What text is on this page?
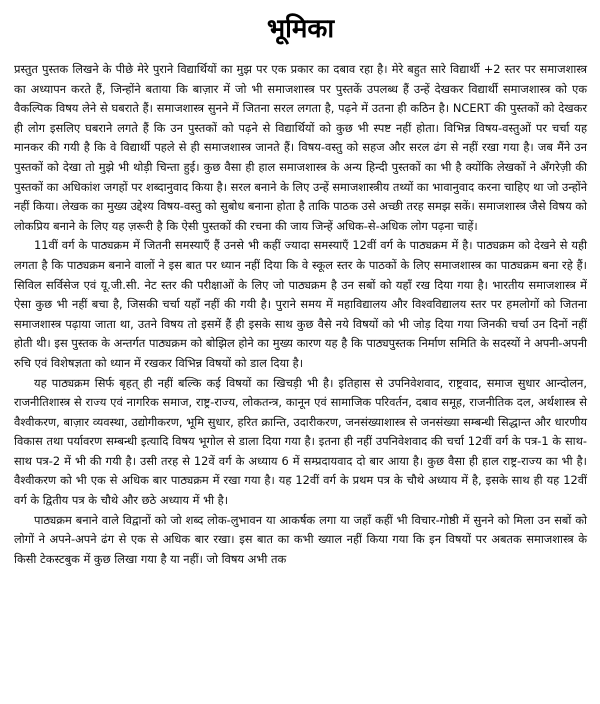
भूमिका

प्रस्तुत पुस्तक लिखने के पीछे मेरे पुराने विद्यार्थियों का मुझ पर एक प्रकार का दबाव रहा है। मेरे बहुत सारे विद्यार्थी +2 स्तर पर समाजशास्त्र का अध्यापन करते हैं, जिन्होंने बताया कि बाज़ार में जो भी समाजशास्त्र पर पुस्तकें उपलब्ध हैं उन्हें देखकर विद्यार्थी समाजशास्त्र को एक वैकल्पिक विषय लेने से घबराते हैं। समाजशास्त्र सुनने में जितना सरल लगता है, पढ़ने में उतना ही कठिन है। NCERT की पुस्तकों को देखकर ही लोग इसलिए घबराने लगते हैं कि उन पुस्तकों को पढ़ने से विद्यार्थियों को कुछ भी स्पष्ट नहीं होता। विभिन्न विषय-वस्तुओं पर चर्चा यह मानकर की गयी है कि वे विद्यार्थी पहले से ही समाजशास्त्र जानते हैं। विषय-वस्तु को सहज और सरल ढंग से नहीं रखा गया है। जब मैंने उन पुस्तकों को देखा तो मुझे भी थोड़ी चिन्ता हुई। कुछ वैसा ही हाल समाजशास्त्र के अन्य हिन्दी पुस्तकों का भी है क्योंकि लेखकों ने अँगरेज़ी की पुस्तकों का अधिकांश जगहों पर शब्दानुवाद किया है। सरल बनाने के लिए उन्हें समाजशास्त्रीय तथ्यों का भावानुवाद करना चाहिए था जो उन्होंने नहीं किया। लेखक का मुख्य उद्देश्य विषय-वस्तु को सुबोध बनाना होता है ताकि पाठक उसे अच्छी तरह समझ सकें। समाजशास्त्र जैसे विषय को लोकप्रिय बनाने के लिए यह ज़रूरी है कि ऐसी पुस्तकों की रचना की जाय जिन्हें अधिक-से-अधिक लोग पढ़ना चाहें।

11वीं वर्ग के पाठ्यक्रम में जितनी समस्याएँ हैं उनसे भी कहीं ज्यादा समस्याएँ 12वीं वर्ग के पाठ्यक्रम में है। पाठ्यक्रम को देखने से यही लगता है कि पाठ्यक्रम बनाने वालों ने इस बात पर ध्यान नहीं दिया कि वे स्कूल स्तर के पाठकों के लिए समाजशास्त्र का पाठ्यक्रम बना रहे हैं। सिविल सर्विसेज एवं यू.जी.सी. नेट स्तर की परीक्षाओं के लिए जो पाठ्यक्रम है उन सबों को यहाँ रख दिया गया है। भारतीय समाजशास्त्र में ऐसा कुछ भी नहीं बचा है, जिसकी चर्चा यहाँ नहीं की गयी है। पुराने समय में महाविद्यालय और विश्वविद्यालय स्तर पर हमलोगों को जितना समाजशास्त्र पढ़ाया जाता था, उतने विषय तो इसमें हैं ही इसके साथ कुछ वैसे नये विषयों को भी जोड़ दिया गया जिनकी चर्चा उन दिनों नहीं होती थी। इस पुस्तक के अन्तर्गत पाठ्यक्रम को बोझिल होने का मुख्य कारण यह है कि पाठ्यपुस्तक निर्माण समिति के सदस्यों ने अपनी-अपनी रुचि एवं विशेषज्ञता को ध्यान में रखकर विभिन्न विषयों को डाल दिया है।

यह पाठ्यक्रम सिर्फ बृहत् ही नहीं बल्कि कई विषयों का खिचड़ी भी है। इतिहास से उपनिवेशवाद, राष्ट्रवाद, समाज सुधार आन्दोलन, राजनीतिशास्त्र से राज्य एवं नागरिक समाज, राष्ट्र-राज्य, लोकतन्त्र, कानून एवं सामाजिक परिवर्तन, दबाव समूह, राजनीतिक दल, अर्थशास्त्र से वैश्वीकरण, बाज़ार व्यवस्था, उद्योगीकरण, भूमि सुधार, हरित क्रान्ति, उदारीकरण, जनसंख्याशास्त्र से जनसंख्या सम्बन्धी सिद्धान्त और धारणीय विकास तथा पर्यावरण सम्बन्धी इत्यादि विषय भूगोल से डाला दिया गया है। इतना ही नहीं उपनिवेशवाद की चर्चा 12वीं वर्ग के पत्र-1 के साथ-साथ पत्र-2 में भी की गयी है। उसी तरह से 12वें वर्ग के अध्याय 6 में सम्प्रदायवाद दो बार आया है। कुछ वैसा ही हाल राष्ट्र-राज्य का भी है। वैश्वीकरण को भी एक से अधिक बार पाठ्यक्रम में रखा गया है। यह 12वीं वर्ग के प्रथम पत्र के चौथे अध्याय में है, इसके साथ ही यह 12वीं वर्ग के द्वितीय पत्र के चौथे और छठे अध्याय में भी है।

पाठ्यक्रम बनाने वाले विद्वानों को जो शब्द लोक-लुभावन या आकर्षक लगा या जहाँ कहीं भी विचार-गोष्ठी में सुनने को मिला उन सबों को लोगों ने अपने-अपने ढंग से एक से अधिक बार रखा। इस बात का कभी ख्याल नहीं किया गया कि इन विषयों पर अबतक समाजशास्त्र के किसी टेकस्टबुक में कुछ लिखा गया है या नहीं। जो विषय अभी तक
